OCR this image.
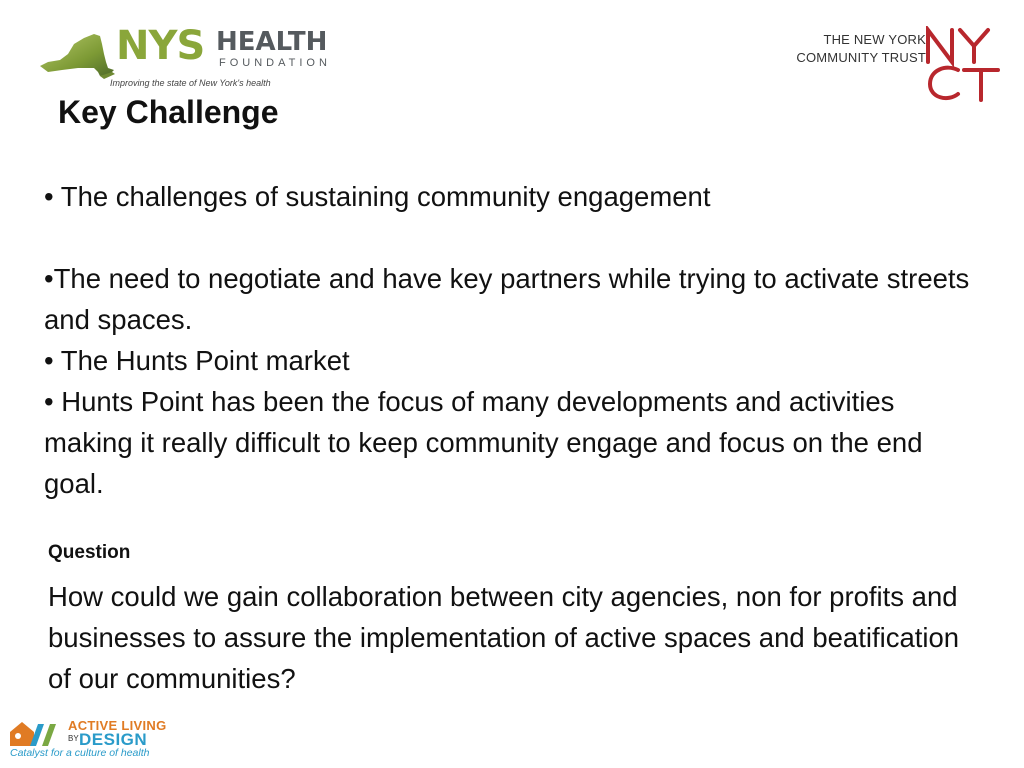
NYS HEALTH
FOUNDATION
Improving the state of New York's health
THE NEW YORK
COMMUNITY TRUST
Key Challenge

• The challenges of sustaining community engagement

•The need to negotiate and have key partners while trying to activate streets and spaces.

• The Hunts Point market

• Hunts Point has been the focus of many developments and activities making it really difficult to keep community engage and focus on the end goal.

Question
How could we gain collaboration between city agencies, non for profits and businesses to assure the implementation of active spaces and beatification of our communities?
ACTIVE LIVING
BY DESIGN
Catalyst for a culture of health
